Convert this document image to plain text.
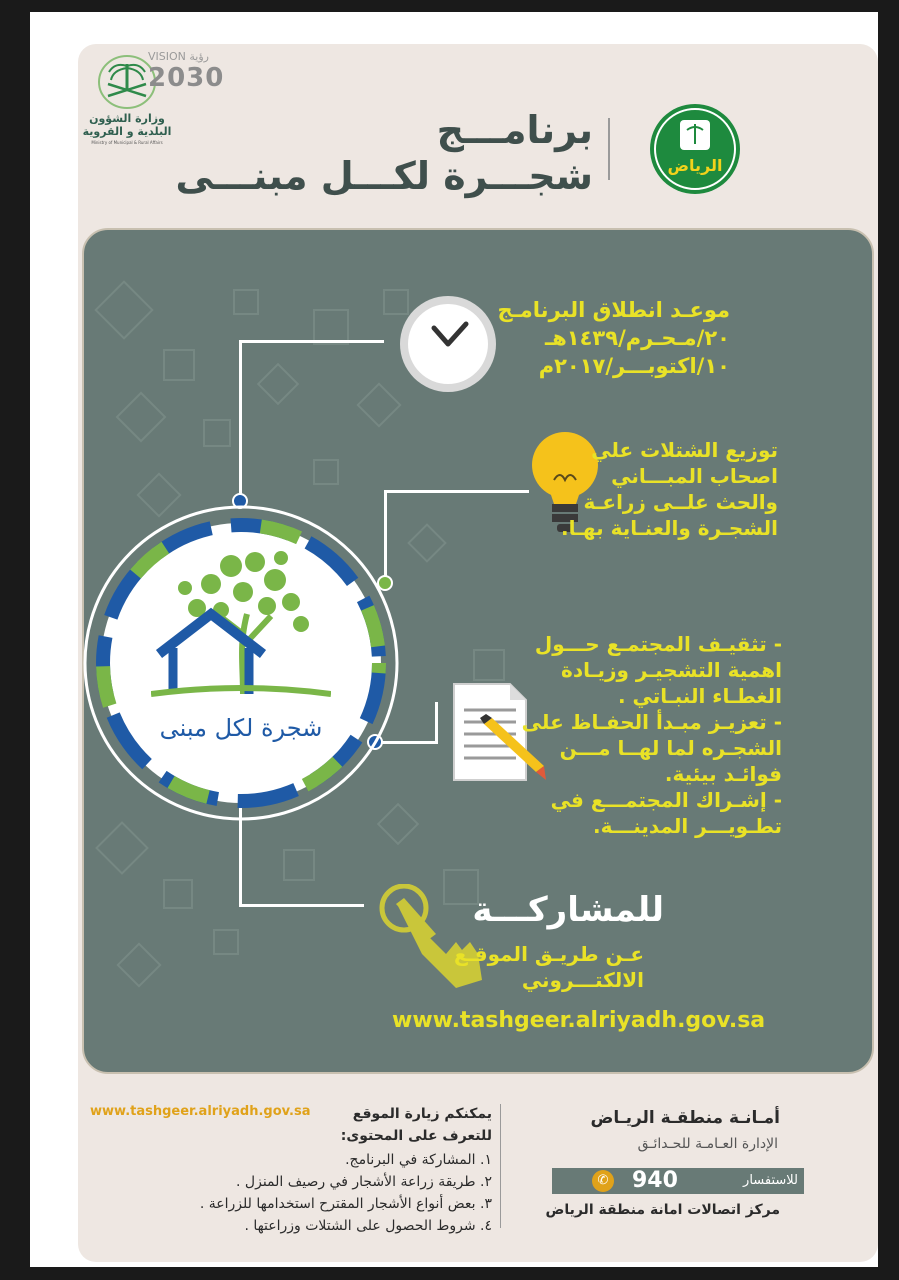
وزارة الشؤون
البلدية و القروية
Ministry of Municipal & Rural Affairs
VISION رؤية
2030
برنامـــج
شجـــرة لكـــل مبنـــى	الرياض
شجرة لكل مبنى
موعـد انطلاق البرنامـج
٢٠/مـحـرم/١٤٣٩هـ
١٠/اكتوبـــر/٢٠١٧م
توزيع الشتلات علي
اصحاب المبـــاني
والحث علــى زراعـة
الشجـرة والعنـاية بهـا.
- تثقيـف المجتمـع حـــول
اهمية التشجيـر وزيـادة
الغطـاء النبـاتي .
- تعزيـز مبـدأ الحفـاظ على
الشجـره لما لهــا مـــن
فوائـد بيئية.
- إشـراك المجتمـــع في
تطـويـــر المدينـــة.
للمشاركـــة
عـن طريـق الموقـع
الالكتـــروني
www.tashgeer.alriyadh.gov.sa
www.tashgeer.alriyadh.gov.sa	يمكنكم زيارة الموقع
للتعرف على المحتوى:
١. المشاركة في البرنامج.
٢. طريقة زراعة الأشجار في رصيف المنزل .
٣. بعض أنواع الأشجار المقترح استخدامها للزراعة .
٤. شروط الحصول على الشتلات وزراعتها .
أمـانـة منطقـة الريـاض
الإدارة العـامـة للحـدائـق
✆ 940	للاستفسار
مركز اتصالات امانة منطقة الرياض
